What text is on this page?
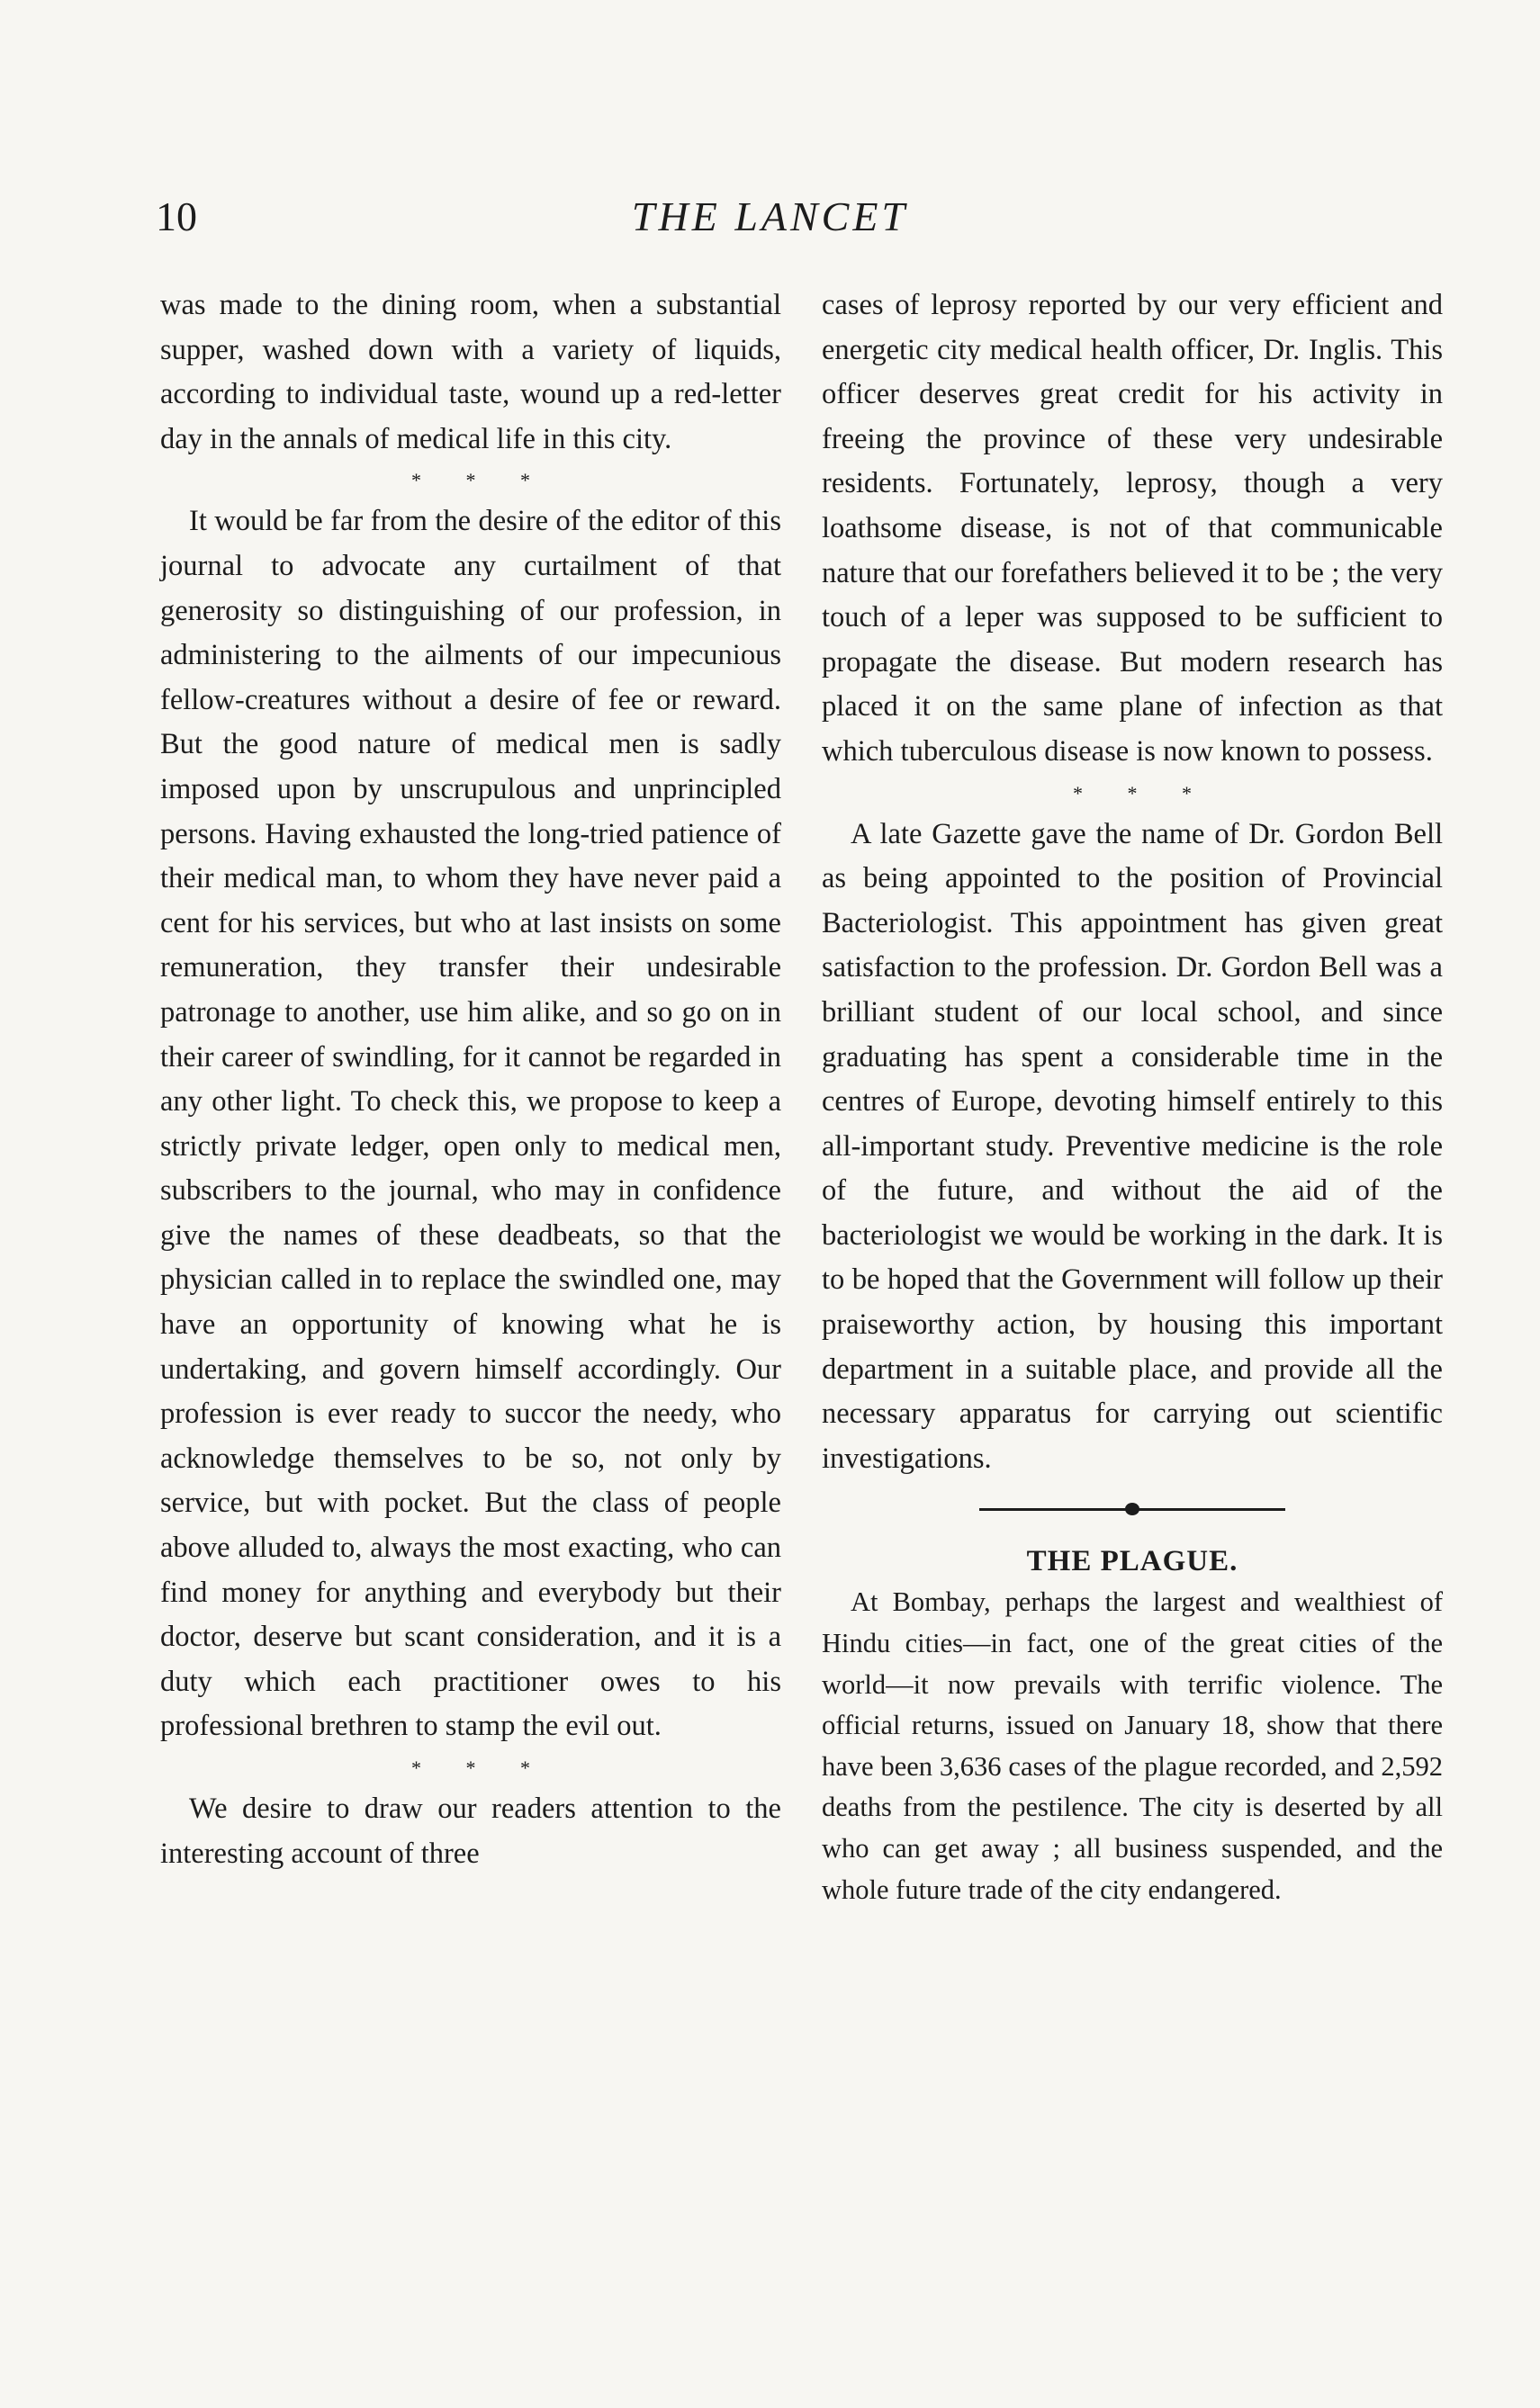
10	THE LANCET

was made to the dining room, when a substantial supper, washed down with a variety of liquids, according to individual taste, wound up a red-letter day in the annals of medical life in this city.

* * *

It would be far from the desire of the editor of this journal to advocate any curtailment of that generosity so distinguishing of our profession, in administering to the ailments of our impecunious fellow-creatures without a desire of fee or reward. But the good nature of medical men is sadly imposed upon by unscrupulous and unprincipled persons. Having exhausted the long-tried patience of their medical man, to whom they have never paid a cent for his services, but who at last insists on some remuneration, they transfer their undesirable patronage to another, use him alike, and so go on in their career of swindling, for it cannot be regarded in any other light. To check this, we propose to keep a strictly private ledger, open only to medical men, subscribers to the journal, who may in confidence give the names of these deadbeats, so that the physician called in to replace the swindled one, may have an opportunity of knowing what he is undertaking, and govern himself accordingly. Our profession is ever ready to succor the needy, who acknowledge themselves to be so, not only by service, but with pocket. But the class of people above alluded to, always the most exacting, who can find money for anything and everybody but their doctor, deserve but scant consideration, and it is a duty which each practitioner owes to his professional brethren to stamp the evil out.

* * *

We desire to draw our readers attention to the interesting account of three

cases of leprosy reported by our very efficient and energetic city medical health officer, Dr. Inglis. This officer deserves great credit for his activity in freeing the province of these very undesirable residents. Fortunately, leprosy, though a very loathsome disease, is not of that communicable nature that our forefathers believed it to be ; the very touch of a leper was supposed to be sufficient to propagate the disease. But modern research has placed it on the same plane of infection as that which tuberculous disease is now known to possess.

* * *

A late Gazette gave the name of Dr. Gordon Bell as being appointed to the position of Provincial Bacteriologist. This appointment has given great satisfaction to the profession. Dr. Gordon Bell was a brilliant student of our local school, and since graduating has spent a considerable time in the centres of Europe, devoting himself entirely to this all-important study. Preventive medicine is the role of the future, and without the aid of the bacteriologist we would be working in the dark. It is to be hoped that the Government will follow up their praiseworthy action, by housing this important department in a suitable place, and provide all the necessary apparatus for carrying out scientific investigations.

THE PLAGUE.

At Bombay, perhaps the largest and wealthiest of Hindu cities—in fact, one of the great cities of the world—it now prevails with terrific violence. The official returns, issued on January 18, show that there have been 3,636 cases of the plague recorded, and 2,592 deaths from the pestilence. The city is deserted by all who can get away ; all business suspended, and the whole future trade of the city endangered.
